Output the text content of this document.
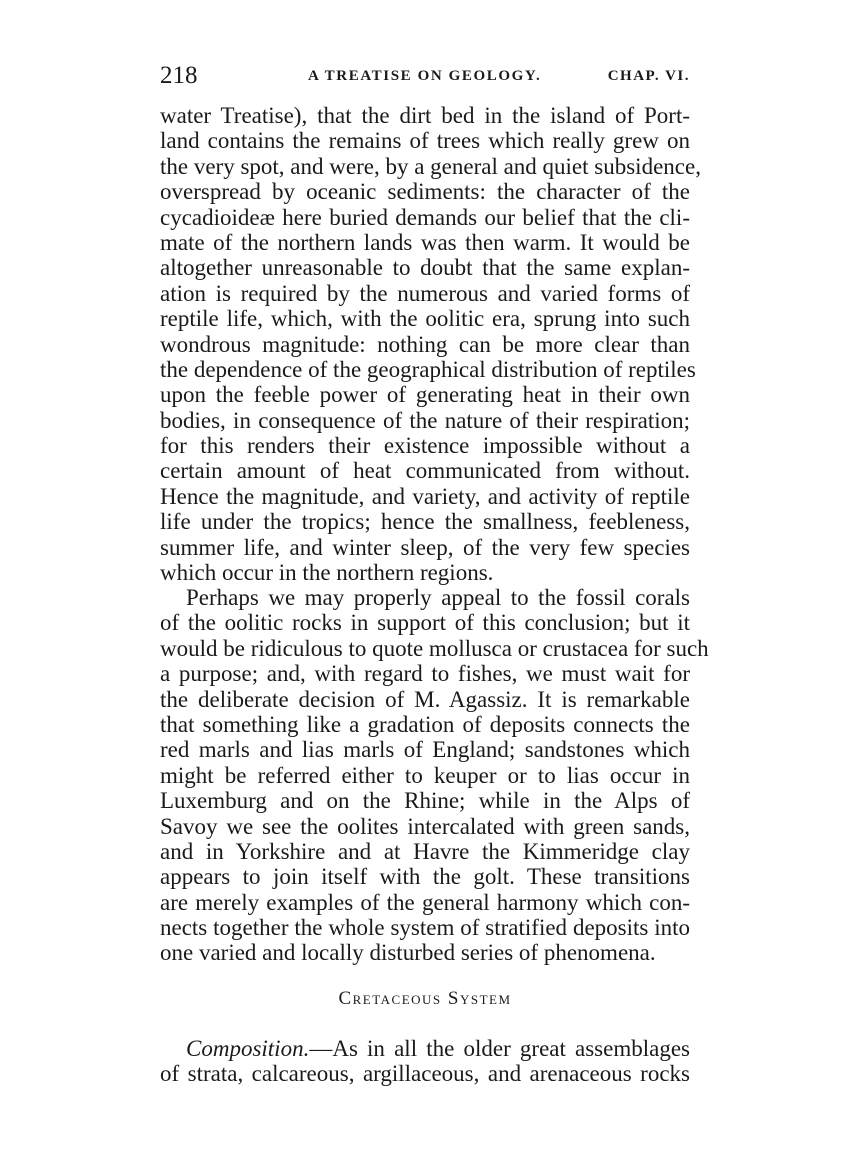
218	A TREATISE ON GEOLOGY.	CHAP. VI.
water Treatise), that the dirt bed in the island of Port-
land contains the remains of trees which really grew on
the very spot, and were, by a general and quiet subsidence,
overspread by oceanic sediments: the character of the
cycadioideæ here buried demands our belief that the cli-
mate of the northern lands was then warm. It would be
altogether unreasonable to doubt that the same explan-
ation is required by the numerous and varied forms of
reptile life, which, with the oolitic era, sprung into such
wondrous magnitude: nothing can be more clear than
the dependence of the geographical distribution of reptiles
upon the feeble power of generating heat in their own
bodies, in consequence of the nature of their respiration;
for this renders their existence impossible without a
certain amount of heat communicated from without.
Hence the magnitude, and variety, and activity of reptile
life under the tropics; hence the smallness, feebleness,
summer life, and winter sleep, of the very few species
which occur in the northern regions.
Perhaps we may properly appeal to the fossil corals
of the oolitic rocks in support of this conclusion; but it
would be ridiculous to quote mollusca or crustacea for such
a purpose; and, with regard to fishes, we must wait for
the deliberate decision of M. Agassiz. It is remarkable
that something like a gradation of deposits connects the
red marls and lias marls of England; sandstones which
might be referred either to keuper or to lias occur in
Luxemburg and on the Rhine; while in the Alps of
Savoy we see the oolites intercalated with green sands,
and in Yorkshire and at Havre the Kimmeridge clay
appears to join itself with the golt. These transitions
are merely examples of the general harmony which con-
nects together the whole system of stratified deposits into
one varied and locally disturbed series of phenomena.
Cretaceous System
Composition.—As in all the older great assemblages
of strata, calcareous, argillaceous, and arenaceous rocks
